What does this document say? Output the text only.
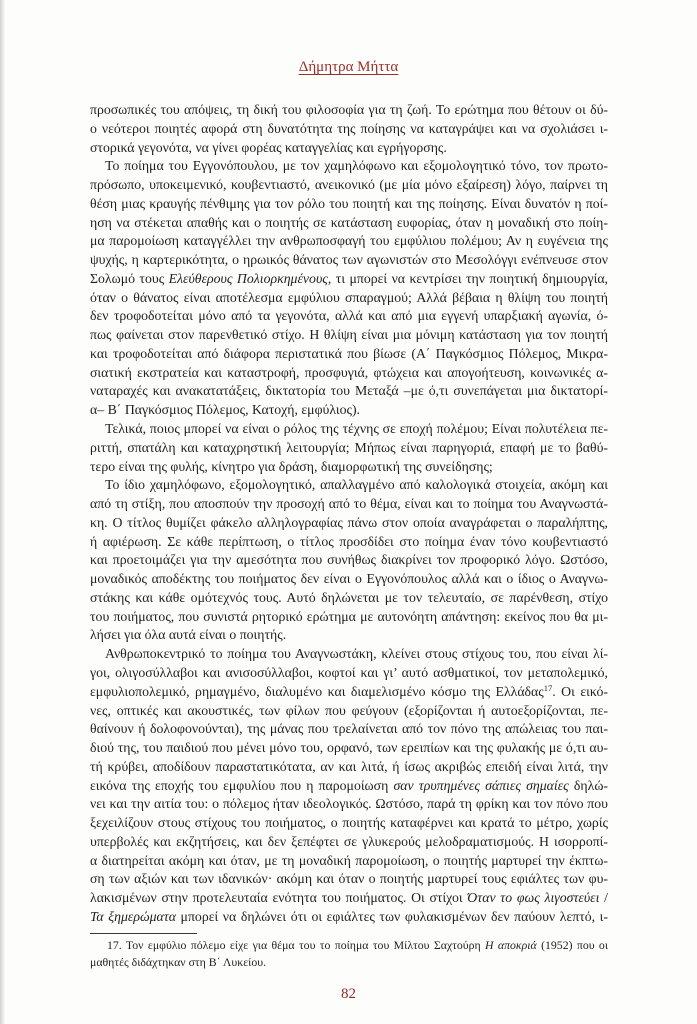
Δήμητρα Μήττα
προσωπικές του απόψεις, τη δική του φιλοσοφία για τη ζωή. Το ερώτημα που θέτουν οι δύ-
ο νεότεροι ποιητές αφορά στη δυνατότητα της ποίησης να καταγράψει και να σχολιάσει ι-
στορικά γεγονότα, να γίνει φορέας καταγγελίας και εγρήγορσης.
Το ποίημα του Εγγονόπουλου, με τον χαμηλόφωνο και εξομολογητικό τόνο, τον πρωτο-
πρόσωπο, υποκειμενικό, κουβεντιαστό, ανεικονικό (με μία μόνο εξαίρεση) λόγο, παίρνει τη
θέση μιας κραυγής πένθιμης για τον ρόλο του ποιητή και της ποίησης. Είναι δυνατόν η ποί-
ηση να στέκεται απαθής και ο ποιητής σε κατάσταση ευφορίας, όταν η μοναδική στο ποίη-
μα παρομοίωση καταγγέλλει την ανθρωποσφαγή του εμφύλιου πολέμου; Αν η ευγένεια της
ψυχής, η καρτερικότητα, ο ηρωικός θάνατος των αγωνιστών στο Μεσολόγγι ενέπνευσε στον
Σολωμό τους Ελεύθερους Πολιορκημένους, τι μπορεί να κεντρίσει την ποιητική δημιουργία,
όταν ο θάνατος είναι αποτέλεσμα εμφύλιου σπαραγμού; Αλλά βέβαια η θλίψη του ποιητή
δεν τροφοδοτείται μόνο από τα γεγονότα, αλλά και από μια εγγενή υπαρξιακή αγωνία, ό-
πως φαίνεται στον παρενθετικό στίχο. Η θλίψη είναι μια μόνιμη κατάσταση για τον ποιητή
και τροφοδοτείται από διάφορα περιστατικά που βίωσε (Α΄ Παγκόσμιος Πόλεμος, Μικρα-
σιατική εκστρατεία και καταστροφή, προσφυγιά, φτώχεια και απογοήτευση, κοινωνικές α-
ναταραχές και ανακατατάξεις, δικτατορία του Μεταξά –με ό,τι συνεπάγεται μια δικτατορί-
α– Β΄ Παγκόσμιος Πόλεμος, Κατοχή, εμφύλιος).
Τελικά, ποιος μπορεί να είναι ο ρόλος της τέχνης σε εποχή πολέμου; Είναι πολυτέλεια πε-
ριττή, σπατάλη και καταχρηστική λειτουργία; Μήπως είναι παρηγοριά, επαφή με το βαθύ-
τερο είναι της φυλής, κίνητρο για δράση, διαμορφωτική της συνείδησης;
Το ίδιο χαμηλόφωνο, εξομολογητικό, απαλλαγμένο από καλολογικά στοιχεία, ακόμη και
από τη στίξη, που αποσπούν την προσοχή από το θέμα, είναι και το ποίημα του Αναγνωστά-
κη. Ο τίτλος θυμίζει φάκελο αλληλογραφίας πάνω στον οποία αναγράφεται ο παραλήπτης,
ή αφιέρωση. Σε κάθε περίπτωση, ο τίτλος προσδίδει στο ποίημα έναν τόνο κουβεντιαστό
και προετοιμάζει για την αμεσότητα που συνήθως διακρίνει τον προφορικό λόγο. Ωστόσο,
μοναδικός αποδέκτης του ποιήματος δεν είναι ο Εγγονόπουλος αλλά και ο ίδιος ο Αναγνω-
στάκης και κάθε ομότεχνός τους. Αυτό δηλώνεται με τον τελευταίο, σε παρένθεση, στίχο
του ποιήματος, που συνιστά ρητορικό ερώτημα με αυτονόητη απάντηση: εκείνος που θα μι-
λήσει για όλα αυτά είναι ο ποιητής.
Ανθρωποκεντρικό το ποίημα του Αναγνωστάκη, κλείνει στους στίχους του, που είναι λί-
γοι, ολιγοσύλλαβοι και ανισοσύλλαβοι, κοφτοί και γι’ αυτό ασθματικοί, τον μεταπολεμικό,
εμφυλιοπολεμικό, ρημαγμένο, διαλυμένο και διαμελισμένο κόσμο της Ελλάδας$^{17}$. Οι εικό-
νες, οπτικές και ακουστικές, των φίλων που φεύγουν (εξορίζονται ή αυτοεξορίζονται, πε-
θαίνουν ή δολοφονούνται), της μάνας που τρελαίνεται από τον πόνο της απώλειας του παι-
διού της, του παιδιού που μένει μόνο του, ορφανό, των ερειπίων και της φυλακής με ό,τι αυ-
τή κρύβει, αποδίδουν παραστατικότατα, αν και λιτά, ή ίσως ακριβώς επειδή είναι λιτά, την
εικόνα της εποχής του εμφυλίου που η παρομοίωση σαν τρυπημένες σάπιες σημαίες δηλώ-
νει και την αιτία του: ο πόλεμος ήταν ιδεολογικός. Ωστόσο, παρά τη φρίκη και τον πόνο που
ξεχειλίζουν στους στίχους του ποιήματος, ο ποιητής καταφέρνει και κρατά το μέτρο, χωρίς
υπερβολές και εκζητήσεις, και δεν ξεπέφτει σε γλυκερούς μελοδραματισμούς. Η ισορροπί-
α διατηρείται ακόμη και όταν, με τη μοναδική παρομοίωση, ο ποιητής μαρτυρεί την έκπτω-
ση των αξιών και των ιδανικών· ακόμη και όταν ο ποιητής μαρτυρεί τους εφιάλτες των φυ-
λακισμένων στην προτελευταία ενότητα του ποιήματος. Οι στίχοι Όταν το φως λιγοστεύει /
Τα ξημερώματα μπορεί να δηλώνει ότι οι εφιάλτες των φυλακισμένων δεν παύουν λεπτό, ι-
17. Τον εμφύλιο πόλεμο είχε για θέμα του το ποίημα του Μίλτου Σαχτούρη Η αποκριά (1952) που οι
μαθητές διδάχτηκαν στη Β΄ Λυκείου.
82
